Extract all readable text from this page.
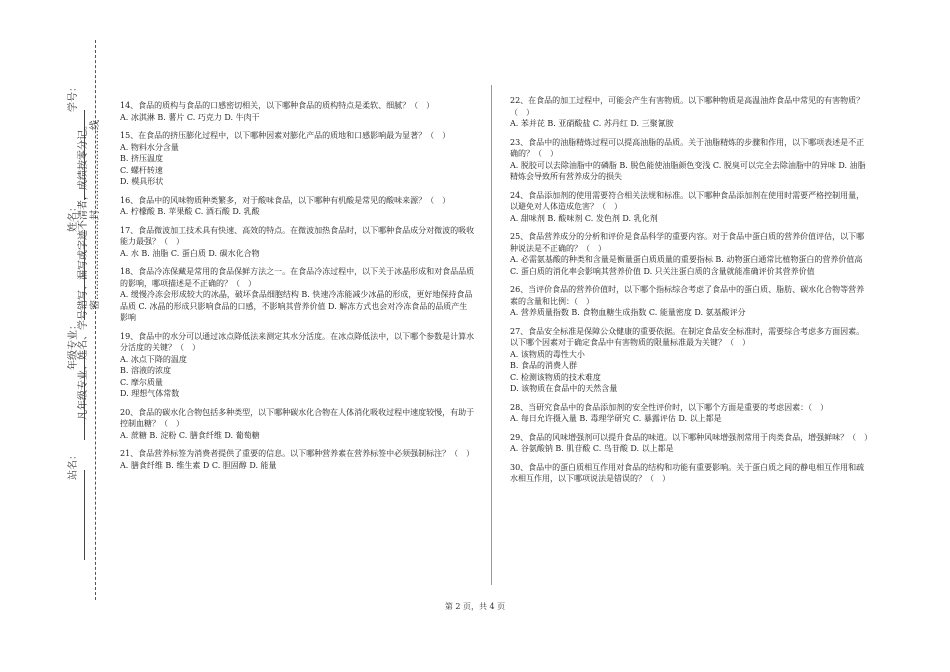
学号：
姓名：
年级专业：
站名：
密……………………封……………………线
凡年级专业、姓名、学号错写、漏写或字迹不清者，成绩按零分记。
14、食品的质构与食品的口感密切相关，以下哪种食品的质构特点是柔软、细腻？（　）
A. 冰淇淋 B. 薯片 C. 巧克力 D. 牛肉干
15、在食品的挤压膨化过程中，以下哪种因素对膨化产品的质地和口感影响最为显著？（　）
A. 物料水分含量
B. 挤压温度
C. 螺杆转速
D. 模具形状
16、食品中的风味物质种类繁多，对于酸味食品，以下哪种有机酸是常见的酸味来源？（　）
A. 柠檬酸 B. 苹果酸 C. 酒石酸 D. 乳酸
17、食品微波加工技术具有快速、高效的特点。在微波加热食品时，以下哪种食品成分对微波的吸收能力最强？（　）
A. 水 B. 油脂 C. 蛋白质 D. 碳水化合物
18、食品冷冻保藏是常用的食品保鲜方法之一。在食品冷冻过程中，以下关于冰晶形成和对食品品质的影响，哪项描述是不正确的？（　）
A. 缓慢冷冻会形成较大的冰晶，破坏食品细胞结构 B. 快速冷冻能减少冰晶的形成，更好地保持食品品质 C. 冰晶的形成只影响食品的口感，不影响其营养价值 D. 解冻方式也会对冷冻食品的品质产生影响
19、食品中的水分可以通过冰点降低法来测定其水分活度。在冰点降低法中，以下哪个参数是计算水分活度的关键？（　）
A. 冰点下降的温度
B. 溶液的浓度
C. 摩尔质量
D. 理想气体常数
20、食品的碳水化合物包括多种类型，以下哪种碳水化合物在人体消化吸收过程中速度较慢，有助于控制血糖？（　）
A. 蔗糖 B. 淀粉 C. 膳食纤维 D. 葡萄糖
21、食品营养标签为消费者提供了重要的信息。以下哪种营养素在营养标签中必须强制标注？（　）
A. 膳食纤维 B. 维生素 D C. 胆固醇 D. 能量
22、在食品的加工过程中，可能会产生有害物质。以下哪种物质是高温油炸食品中常见的有害物质？（　）
A. 苯并芘 B. 亚硝酸盐 C. 苏丹红 D. 三聚氰胺
23、食品中的油脂精炼过程可以提高油脂的品质。关于油脂精炼的步骤和作用，以下哪项表述是不正确的？（　）
A. 脱胶可以去除油脂中的磷脂 B. 脱色能使油脂颜色变浅 C. 脱臭可以完全去除油脂中的异味 D. 油脂精炼会导致所有营养成分的损失
24、食品添加剂的使用需要符合相关法规和标准。以下哪种食品添加剂在使用时需要严格控制用量，以避免对人体造成危害？（　）
A. 甜味剂 B. 酸味剂 C. 发色剂 D. 乳化剂
25、食品营养成分的分析和评价是食品科学的重要内容。对于食品中蛋白质的营养价值评估，以下哪种说法是不正确的？（　）
A. 必需氨基酸的种类和含量是衡量蛋白质质量的重要指标 B. 动物蛋白通常比植物蛋白的营养价值高 C. 蛋白质的消化率会影响其营养价值 D. 只关注蛋白质的含量就能准确评价其营养价值
26、当评价食品的营养价值时，以下哪个指标综合考虑了食品中的蛋白质、脂肪、碳水化合物等营养素的含量和比例：（　）
A. 营养质量指数 B. 食物血糖生成指数 C. 能量密度 D. 氨基酸评分
27、食品安全标准是保障公众健康的重要依据。在制定食品安全标准时，需要综合考虑多方面因素。以下哪个因素对于确定食品中有害物质的限量标准最为关键？（　）
A. 该物质的毒性大小
B. 食品的消费人群
C. 检测该物质的技术难度
D. 该物质在食品中的天然含量
28、当研究食品中的食品添加剂的安全性评价时，以下哪个方面是重要的考虑因素：（　）
A. 每日允许摄入量 B. 毒理学研究 C. 暴露评估 D. 以上都是
29、食品的风味增强剂可以提升食品的味道。以下哪种风味增强剂常用于肉类食品，增强鲜味？（　）
A. 谷氨酸钠 B. 肌苷酸 C. 鸟苷酸 D. 以上都是
30、食品中的蛋白质相互作用对食品的结构和功能有重要影响。关于蛋白质之间的静电相互作用和疏水相互作用，以下哪项说法是错误的？（　）
第 2 页，共 4 页
